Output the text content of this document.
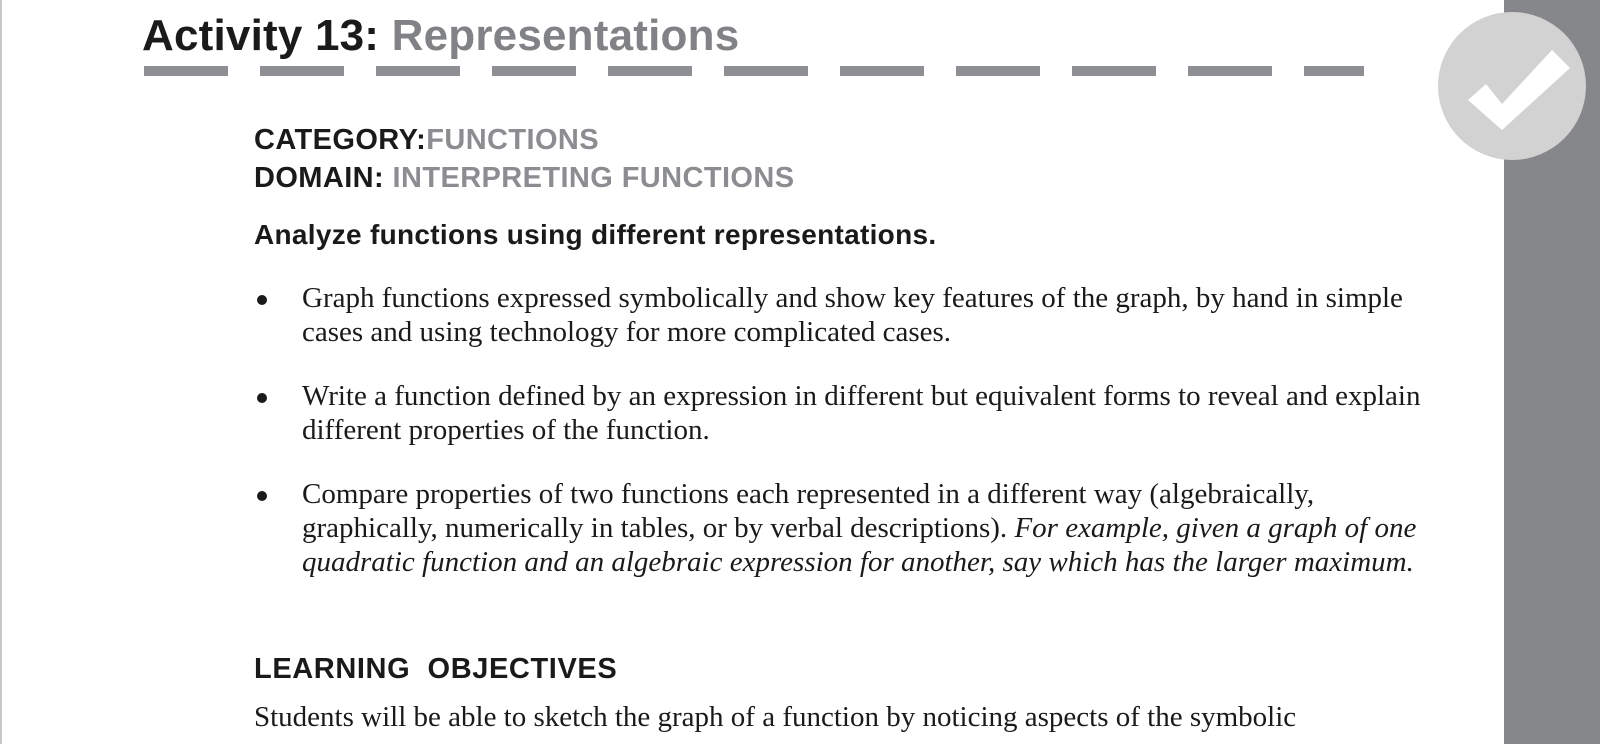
Activity 13: Representations

CATEGORY:FUNCTIONS

DOMAIN: INTERPRETING FUNCTIONS

Analyze functions using different representations.
Graph functions expressed symbolically and show key features of the graph, by hand in simple cases and using technology for more complicated cases.
Write a function defined by an expression in different but equivalent forms to reveal and explain different properties of the function.
Compare properties of two functions each represented in a different way (algebraically, graphically, numerically in tables, or by verbal descriptions). For example, given a graph of one quadratic function and an algebraic expression for another, say which has the larger maximum.
LEARNING  OBJECTIVES

Students will be able to sketch the graph of a function by noticing aspects of the symbolic
